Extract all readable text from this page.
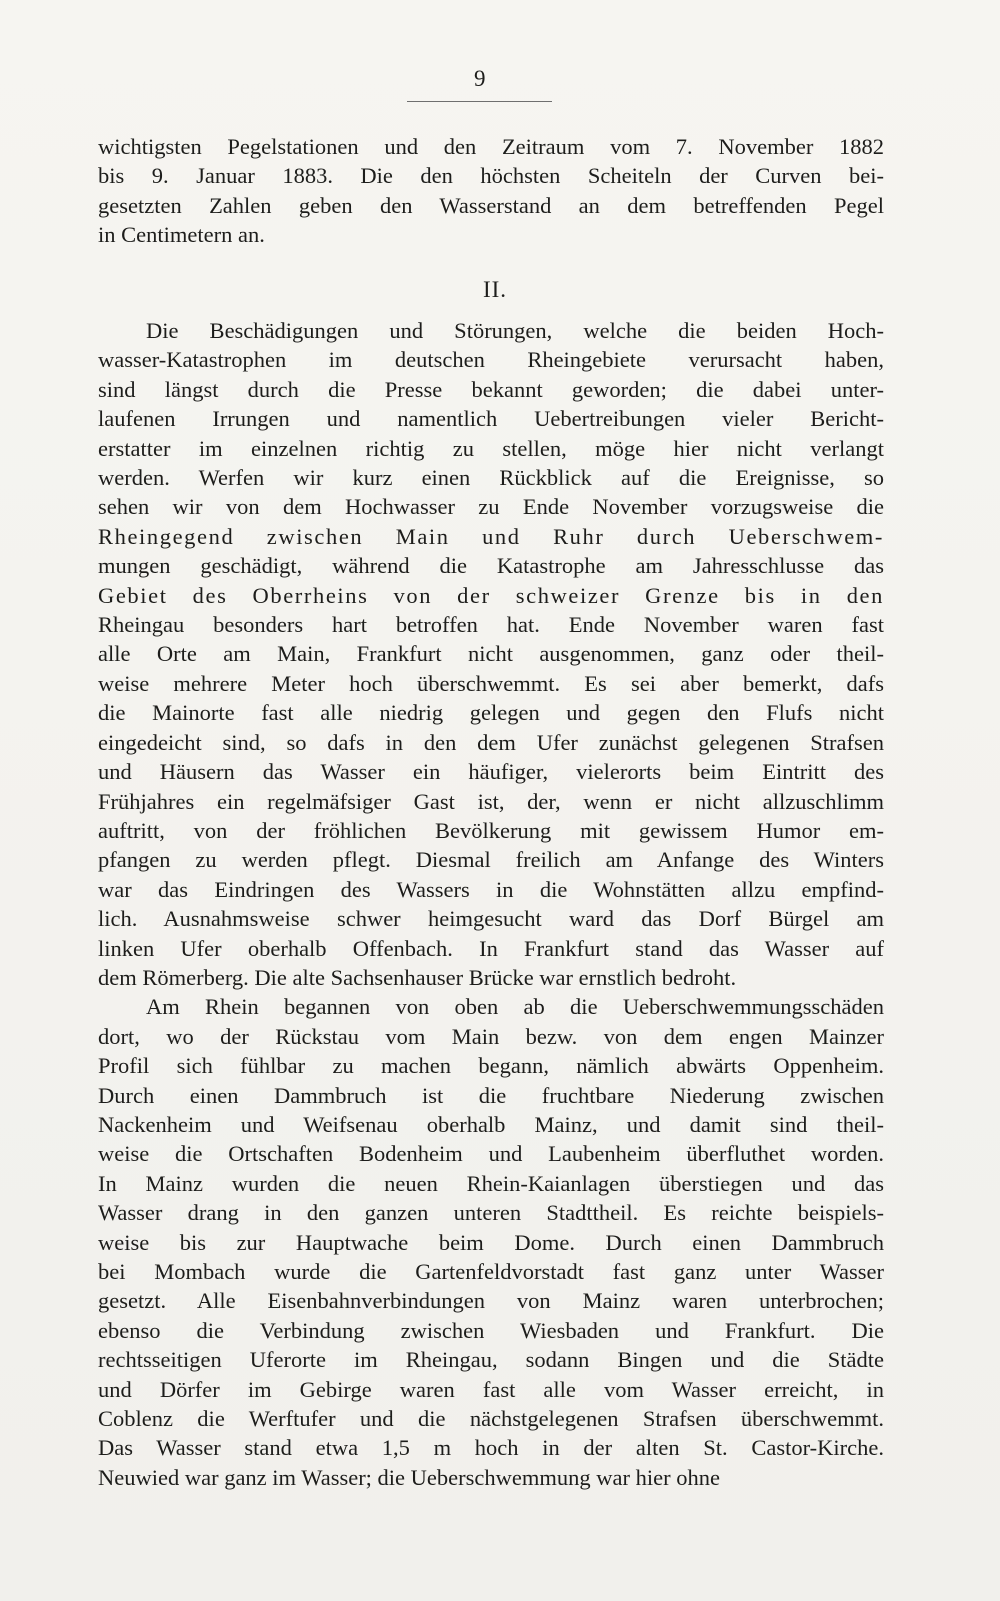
9
wichtigsten Pegelstationen und den Zeitraum vom 7. November 1882
bis 9. Januar 1883. Die den höchsten Scheiteln der Curven bei-
gesetzten Zahlen geben den Wasserstand an dem betreffenden Pegel
in Centimetern an.
II.
Die Beschädigungen und Störungen, welche die beiden Hoch-
wasser-Katastrophen im deutschen Rheingebiete verursacht haben,
sind längst durch die Presse bekannt geworden; die dabei unter-
laufenen Irrungen und namentlich Uebertreibungen vieler Bericht-
erstatter im einzelnen richtig zu stellen, möge hier nicht verlangt
werden. Werfen wir kurz einen Rückblick auf die Ereignisse, so
sehen wir von dem Hochwasser zu Ende November vorzugsweise die
Rheingegend zwischen Main und Ruhr durch Ueberschwem-
mungen geschädigt, während die Katastrophe am Jahresschlusse das
Gebiet des Oberrheins von der schweizer Grenze bis in den
Rheingau besonders hart betroffen hat. Ende November waren fast
alle Orte am Main, Frankfurt nicht ausgenommen, ganz oder theil-
weise mehrere Meter hoch überschwemmt. Es sei aber bemerkt, dafs
die Mainorte fast alle niedrig gelegen und gegen den Flufs nicht
eingedeicht sind, so dafs in den dem Ufer zunächst gelegenen Strafsen
und Häusern das Wasser ein häufiger, vielerorts beim Eintritt des
Frühjahres ein regelmäfsiger Gast ist, der, wenn er nicht allzuschlimm
auftritt, von der fröhlichen Bevölkerung mit gewissem Humor em-
pfangen zu werden pflegt. Diesmal freilich am Anfange des Winters
war das Eindringen des Wassers in die Wohnstätten allzu empfind-
lich. Ausnahmsweise schwer heimgesucht ward das Dorf Bürgel am
linken Ufer oberhalb Offenbach. In Frankfurt stand das Wasser auf
dem Römerberg. Die alte Sachsenhauser Brücke war ernstlich bedroht.
Am Rhein begannen von oben ab die Ueberschwemmungsschäden
dort, wo der Rückstau vom Main bezw. von dem engen Mainzer
Profil sich fühlbar zu machen begann, nämlich abwärts Oppenheim.
Durch einen Dammbruch ist die fruchtbare Niederung zwischen
Nackenheim und Weifsenau oberhalb Mainz, und damit sind theil-
weise die Ortschaften Bodenheim und Laubenheim überfluthet worden.
In Mainz wurden die neuen Rhein-Kaianlagen überstiegen und das
Wasser drang in den ganzen unteren Stadttheil. Es reichte beispiels-
weise bis zur Hauptwache beim Dome. Durch einen Dammbruch
bei Mombach wurde die Gartenfeldvorstadt fast ganz unter Wasser
gesetzt. Alle Eisenbahnverbindungen von Mainz waren unterbrochen;
ebenso die Verbindung zwischen Wiesbaden und Frankfurt. Die
rechtsseitigen Uferorte im Rheingau, sodann Bingen und die Städte
und Dörfer im Gebirge waren fast alle vom Wasser erreicht, in
Coblenz die Werftufer und die nächstgelegenen Strafsen überschwemmt.
Das Wasser stand etwa 1,5 m hoch in der alten St. Castor-Kirche.
Neuwied war ganz im Wasser; die Ueberschwemmung war hier ohne
